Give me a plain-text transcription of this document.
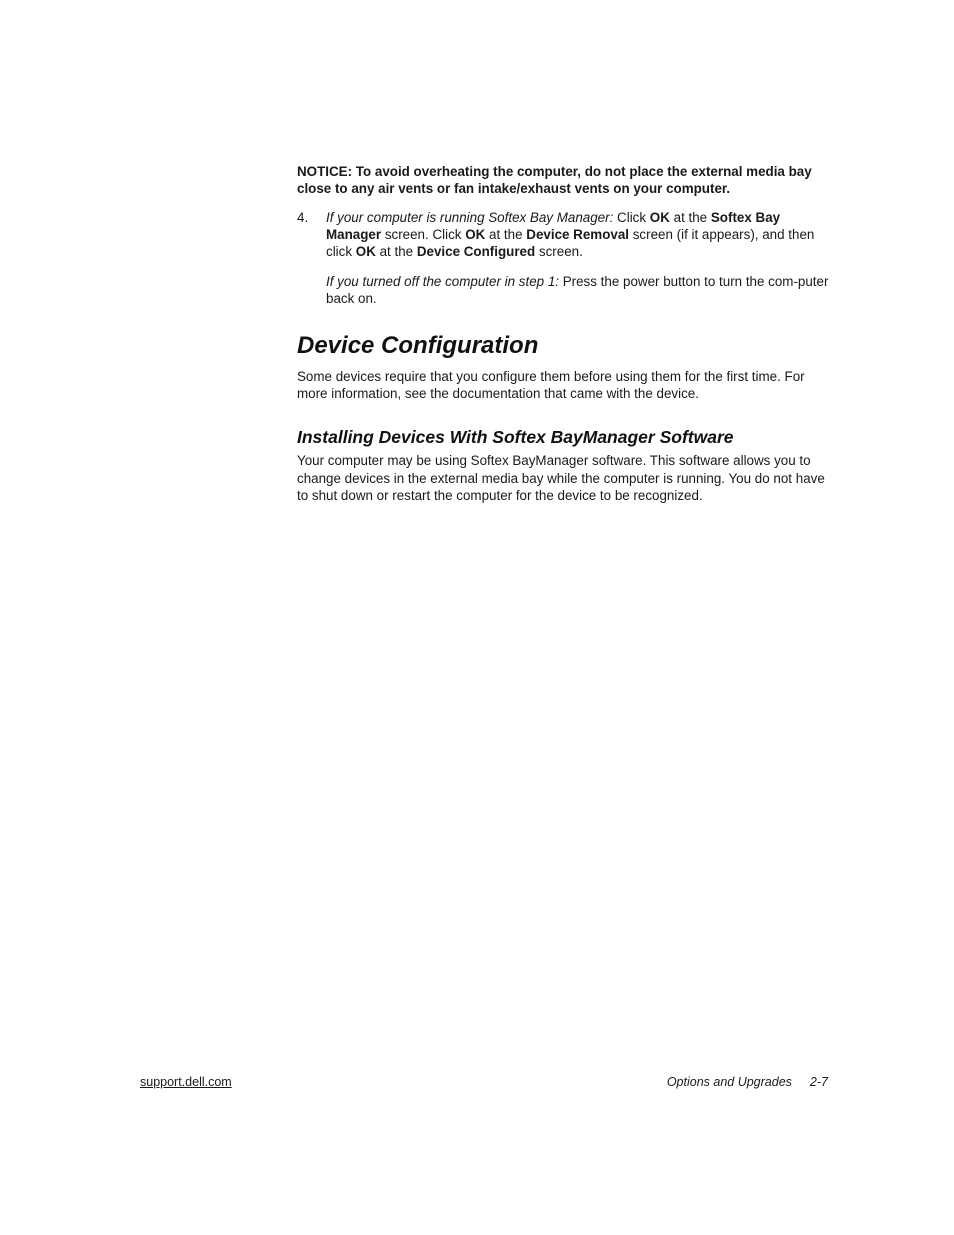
NOTICE: To avoid overheating the computer, do not place the external media bay close to any air vents or fan intake/exhaust vents on your computer.

4. If your computer is running Softex Bay Manager: Click OK at the Softex Bay Manager screen. Click OK at the Device Removal screen (if it appears), and then click OK at the Device Configured screen.

If you turned off the computer in step 1: Press the power button to turn the com-puter back on.

Device Configuration

Some devices require that you configure them before using them for the first time. For more information, see the documentation that came with the device.

Installing Devices With Softex BayManager Software

Your computer may be using Softex BayManager software. This software allows you to change devices in the external media bay while the computer is running. You do not have to shut down or restart the computer for the device to be recognized.

support.dell.com	Options and Upgrades 2-7
